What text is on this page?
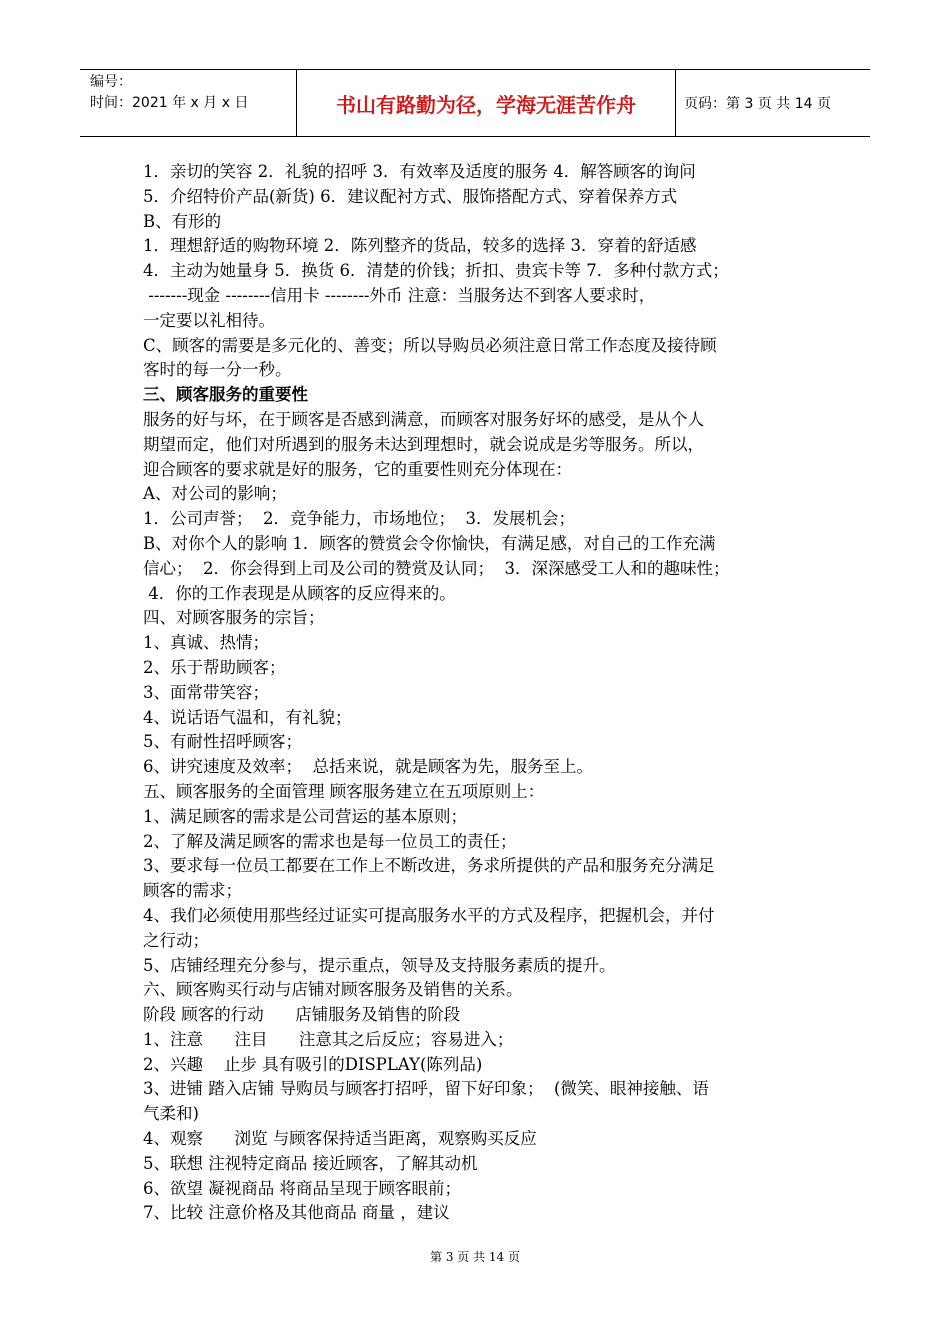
编号：
时间：2021 年 x 月 x 日	书山有路勤为径，学海无涯苦作舟	页码：第 3 页 共 14 页
1．亲切的笑容 2．礼貌的招呼 3．有效率及适度的服务 4．解答顾客的询问
5．介绍特价产品(新货) 6．建议配衬方式、服饰搭配方式、穿着保养方式
B、有形的
1．理想舒适的购物环境 2．陈列整齐的货品，较多的选择 3．穿着的舒适感
4．主动为她量身 5．换货 6．清楚的价钱；折扣、贵宾卡等 7．多种付款方式；
-------现金 --------信用卡 --------外币 注意：当服务达不到客人要求时，
一定要以礼相待。
C、顾客的需要是多元化的、善变；所以导购员必须注意日常工作态度及接待顾
客时的每一分一秒。
三、顾客服务的重要性
服务的好与坏，在于顾客是否感到满意，而顾客对服务好坏的感受，是从个人
期望而定，他们对所遇到的服务未达到理想时，就会说成是劣等服务。所以，
迎合顾客的要求就是好的服务，它的重要性则充分体现在：
A、对公司的影响；
1．公司声誉；  2．竞争能力，市场地位；  3．发展机会；
B、对你个人的影响 1．顾客的赞赏会令你愉快，有满足感，对自己的工作充满
信心；  2．你会得到上司及公司的赞赏及认同；  3．深深感受工人和的趣味性；
4．你的工作表现是从顾客的反应得来的。
四、对顾客服务的宗旨；
1、真诚、热情；
2、乐于帮助顾客；
3、面常带笑容；
4、说话语气温和，有礼貌；
5、有耐性招呼顾客；
6、讲究速度及效率；  总括来说，就是顾客为先，服务至上。
五、顾客服务的全面管理 顾客服务建立在五项原则上：
1、满足顾客的需求是公司营运的基本原则；
2、了解及满足顾客的需求也是每一位员工的责任；
3、要求每一位员工都要在工作上不断改进，务求所提供的产品和服务充分满足
顾客的需求；
4、我们必须使用那些经过证实可提高服务水平的方式及程序，把握机会，并付
之行动；
5、店铺经理充分参与，提示重点，领导及支持服务素质的提升。
六、顾客购买行动与店铺对顾客服务及销售的关系。
阶段 顾客的行动      店铺服务及销售的阶段
1、注意      注目      注意其之后反应；容易进入；
2、兴趣    止步 具有吸引的DISPLAY(陈列品)
3、进铺 踏入店铺 导购员与顾客打招呼，留下好印象；  (微笑、眼神接触、语
气柔和)
4、观察      浏览 与顾客保持适当距离，观察购买反应
5、联想 注视特定商品 接近顾客，了解其动机
6、欲望 凝视商品 将商品呈现于顾客眼前；
7、比较 注意价格及其他商品 商量 ，建议
第 3 页 共 14 页
